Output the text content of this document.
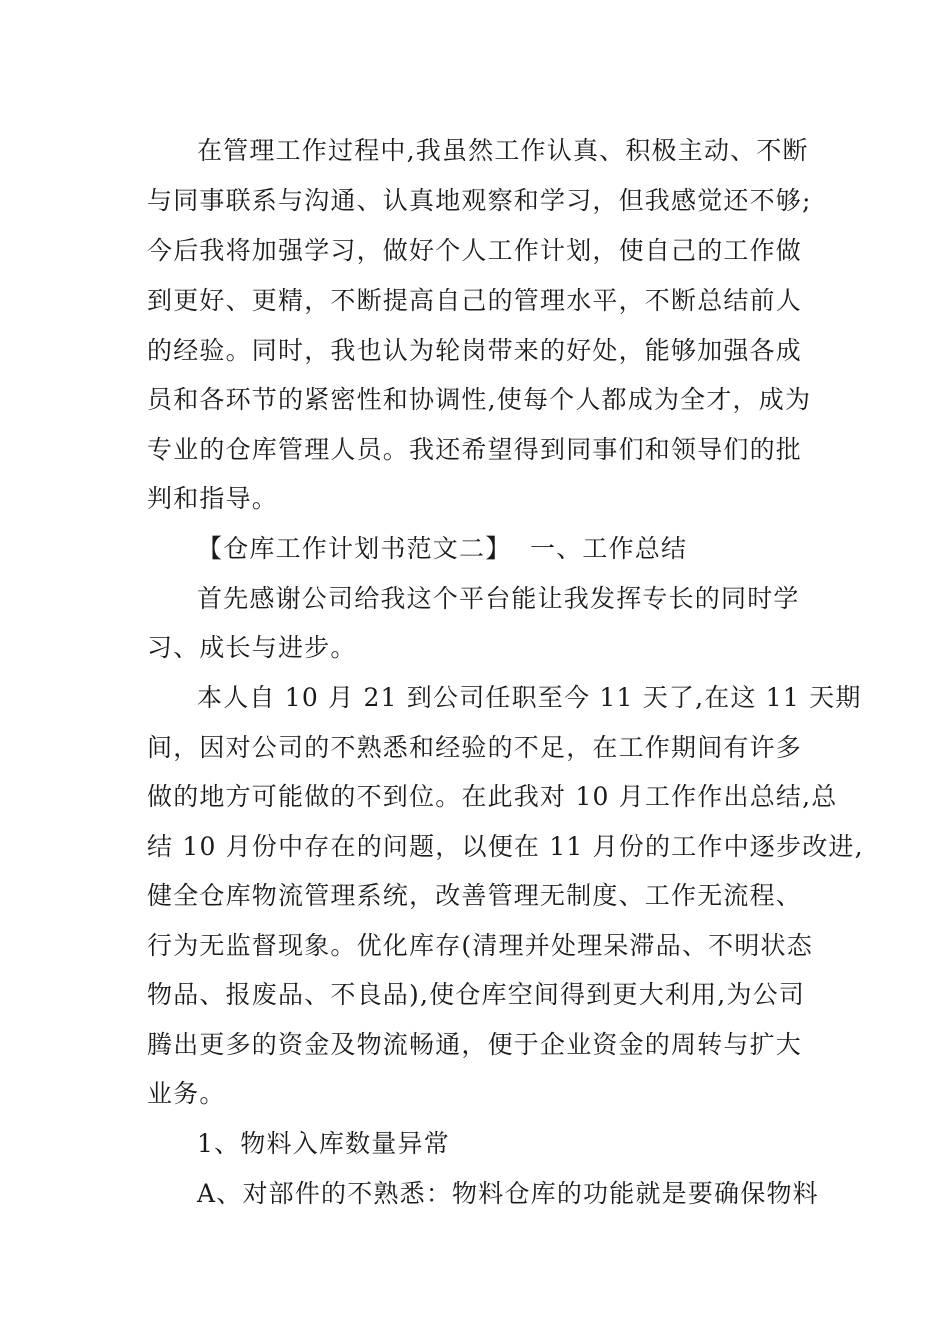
在管理工作过程中,我虽然工作认真、积极主动、不断
与同事联系与沟通、认真地观察和学习，但我感觉还不够;
今后我将加强学习，做好个人工作计划，使自己的工作做
到更好、更精，不断提高自己的管理水平，不断总结前人
的经验。同时，我也认为轮岗带来的好处，能够加强各成
员和各环节的紧密性和协调性,使每个人都成为全才，成为
专业的仓库管理人员。我还希望得到同事们和领导们的批
判和指导。
【仓库工作计划书范文二】 一、工作总结
首先感谢公司给我这个平台能让我发挥专长的同时学
习、成长与进步。
本人自 10 月 21 到公司任职至今 11 天了,在这 11 天期
间，因对公司的不熟悉和经验的不足，在工作期间有许多
做的地方可能做的不到位。在此我对 10 月工作作出总结,总
结 10 月份中存在的问题，以便在 11 月份的工作中逐步改进,
健全仓库物流管理系统，改善管理无制度、工作无流程、
行为无监督现象。优化库存(清理并处理呆滞品、不明状态
物品、报废品、不良品),使仓库空间得到更大利用,为公司
腾出更多的资金及物流畅通，便于企业资金的周转与扩大
业务。
1、物料入库数量异常
A、对部件的不熟悉：物料仓库的功能就是要确保物料
